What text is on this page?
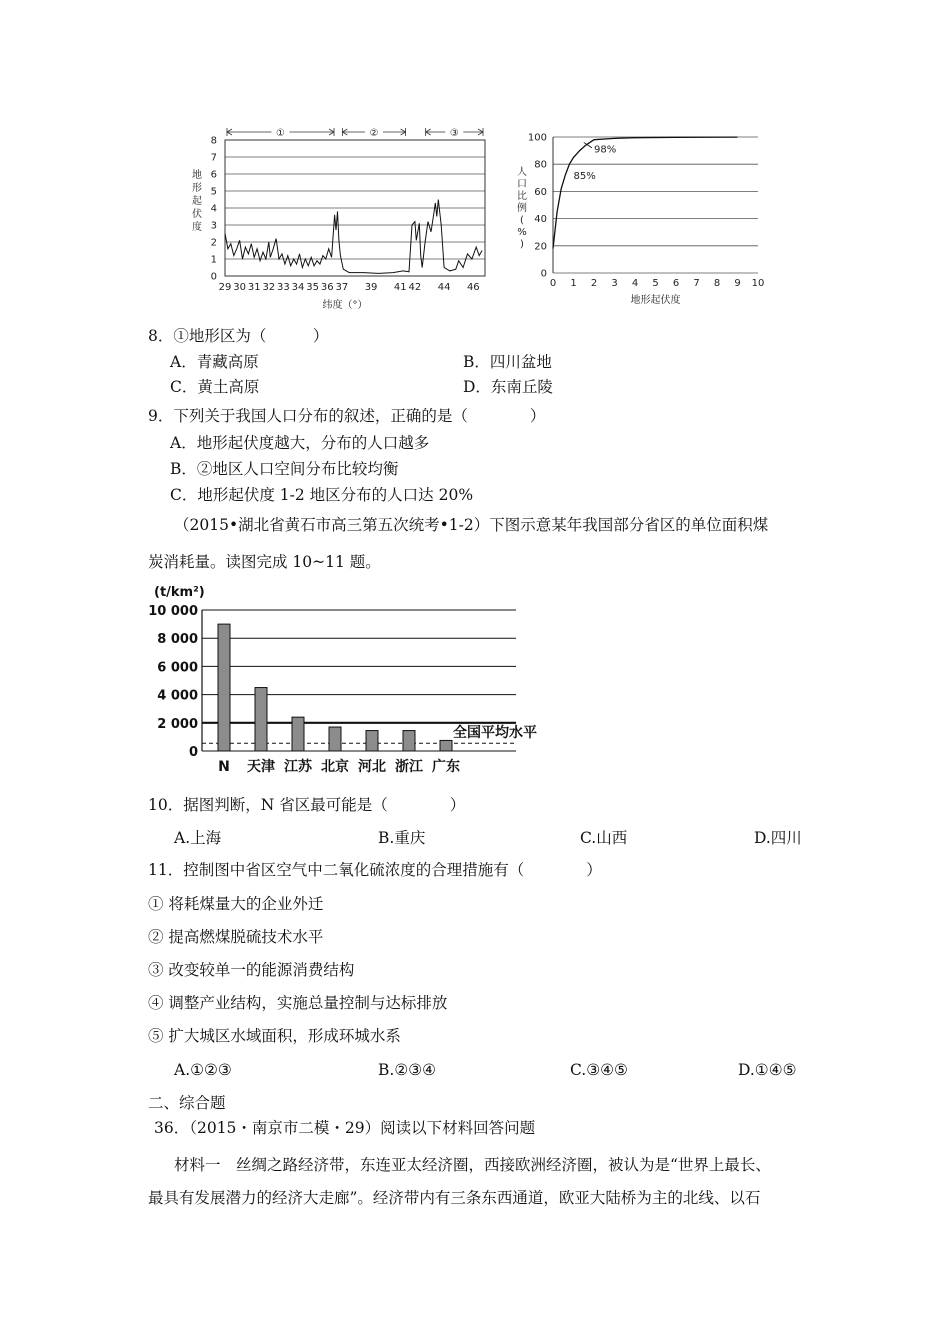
0
1
2
3
4
5
6
7
8
29 30 31 32 33 34 35 36 37 39 41 42 44 46
地
形
起
伏
度
纬度（°）
①	②	③
0
20
40
60
80
100
0 1 2 3 4 5 6 7 8 9 10
地形起伏度
人
口
比
例
(
%
)
98%
85%
8．①地形区为（　　　）
A．青藏高原	B．四川盆地
C．黄土高原	D．东南丘陵
9．下列关于我国人口分布的叙述，正确的是（　　　　）
A．地形起伏度越大，分布的人口越多
B．②地区人口空间分布比较均衡
C．地形起伏度 1-2 地区分布的人口达 20%
（2015•湖北省黄石市高三第五次统考•1-2）下图示意某年我国部分省区的单位面积煤
炭消耗量。读图完成 10~11 题。
(t/km²)
0
2 000
4 000
6 000
8 000
10 000
全国平均水平
N 天津 江苏 北京 河北 浙江 广东
10．据图判断，N 省区最可能是（　　　　）
A.上海	B.重庆	C.山西	D.四川
11．控制图中省区空气中二氧化硫浓度的合理措施有（　　　　）
① 将耗煤量大的企业外迁
② 提高燃煤脱硫技术水平
③ 改变较单一的能源消费结构
④ 调整产业结构，实施总量控制与达标排放
⑤ 扩大城区水域面积，形成环城水系
A.①②③	B.②③④	C.③④⑤	D.①④⑤
二、综合题
36．（2015・南京市二模・29）阅读以下材料回答问题
材料一　丝绸之路经济带，东连亚太经济圈，西接欧洲经济圈，被认为是“世界上最长、
最具有发展潜力的经济大走廊”。经济带内有三条东西通道，欧亚大陆桥为主的北线、以石
